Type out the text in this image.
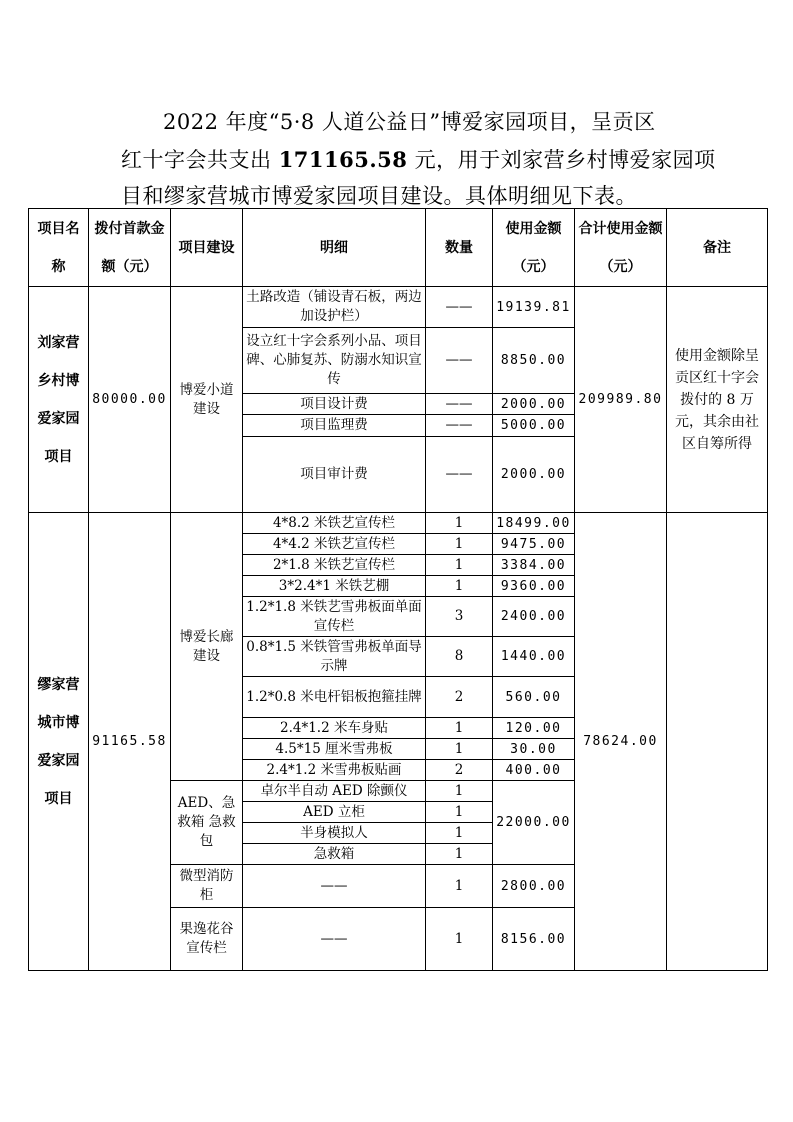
2022 年度“5·8 人道公益日”博爱家园项目，呈贡区
红十字会共支出 171165.58 元，用于刘家营乡村博爱家园项
目和缪家营城市博爱家园项目建设。具体明细见下表。
项目名称	拨付首款金额（元）	项目建设	明细	数量	使用金额（元）	合计使用金额（元）	备注
刘家营乡村博爱家园项目	80000.00	博爱小道建设	土路改造（铺设青石板，两边加设护栏）	——	19139.81	209989.80	使用金额除呈贡区红十字会拨付的 8 万元，其余由社区自筹所得
			设立红十字会系列小品、项目碑、心肺复苏、防溺水知识宣传	——	8850.00		
			项目设计费	——	2000.00		
			项目监理费	——	5000.00		
			项目审计费	——	2000.00		
缪家营城市博爱家园项目	91165.58	博爱长廊建设	4*8.2 米铁艺宣传栏	1	18499.00	78624.00	
			4*4.2 米铁艺宣传栏	1	9475.00		
			2*1.8 米铁艺宣传栏	1	3384.00		
			3*2.4*1 米铁艺棚	1	9360.00		
			1.2*1.8 米铁艺雪弗板面单面宣传栏	3	2400.00		
			0.8*1.5 米铁管雪弗板单面导示牌	8	1440.00		
			1.2*0.8 米电杆铝板抱箍挂牌	2	560.00		
			2.4*1.2 米车身贴	1	120.00		
			4.5*15 厘米雪弗板	1	30.00		
			2.4*1.2 米雪弗板贴画	2	400.00		
		AED、急救箱 急救包	卓尔半自动 AED 除颤仪	1	22000.00		
			AED 立柜	1			
			半身模拟人	1			
			急救箱	1			
		微型消防柜	——	1	2800.00		
		果逸花谷宣传栏	——	1	8156.00		
